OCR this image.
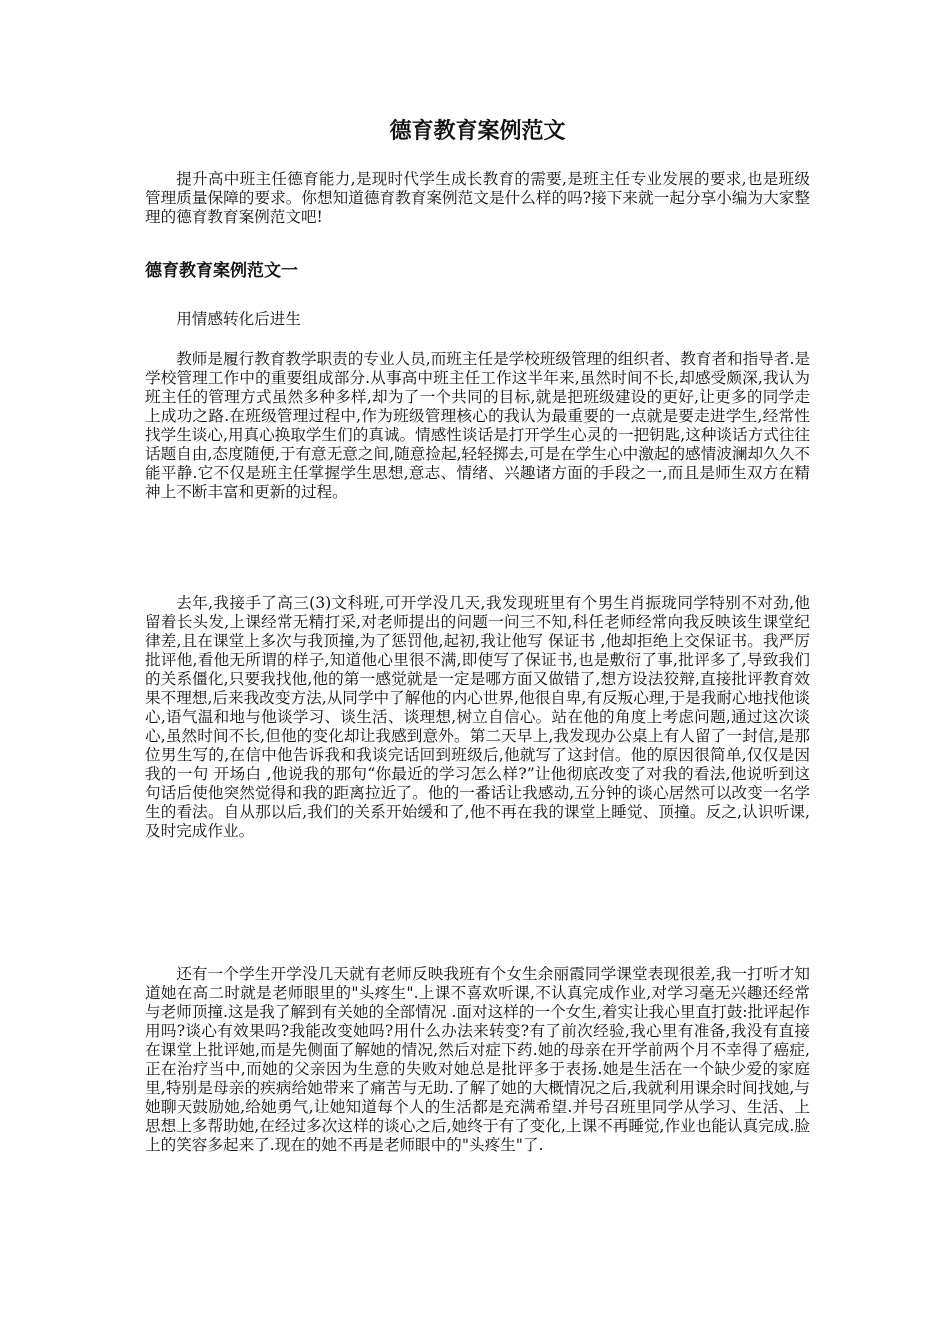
德育教育案例范文

提升高中班主任德育能力,是现时代学生成长教育的需要,是班主任专业发展的要求,也是班级管理质量保障的要求。你想知道德育教育案例范文是什么样的吗?接下来就一起分享小编为大家整理的德育教育案例范文吧!

德育教育案例范文一

用情感转化后进生

教师是履行教育教学职责的专业人员,而班主任是学校班级管理的组织者、教育者和指导者.是学校管理工作中的重要组成部分.从事高中班主任工作这半年来,虽然时间不长,却感受颇深,我认为班主任的管理方式虽然多种多样,却为了一个共同的目标,就是把班级建设的更好,让更多的同学走上成功之路.在班级管理过程中,作为班级管理核心的我认为最重要的一点就是要走进学生,经常性找学生谈心,用真心换取学生们的真诚。情感性谈话是打开学生心灵的一把钥匙,这种谈话方式往往话题自由,态度随便,于有意无意之间,随意捡起,轻轻掷去,可是在学生心中激起的感情波澜却久久不能平静.它不仅是班主任掌握学生思想,意志、情绪、兴趣诸方面的手段之一,而且是师生双方在精神上不断丰富和更新的过程。

去年,我接手了高三(3)文科班,可开学没几天,我发现班里有个男生肖振珑同学特别不对劲,他留着长头发,上课经常无精打采,对老师提出的问题一问三不知,科任老师经常向我反映该生课堂纪律差,且在课堂上多次与我顶撞,为了惩罚他,起初,我让他写 保证书 ,他却拒绝上交保证书。我严厉批评他,看他无所谓的样子,知道他心里很不满,即使写了保证书,也是敷衍了事,批评多了,导致我们的关系僵化,只要我找他,他的第一感觉就是一定是哪方面又做错了,想方设法狡辩,直接批评教育效果不理想,后来我改变方法,从同学中了解他的内心世界,他很自卑,有反叛心理,于是我耐心地找他谈心,语气温和地与他谈学习、谈生活、谈理想,树立自信心。站在他的角度上考虑问题,通过这次谈心,虽然时间不长,但他的变化却让我感到意外。第二天早上,我发现办公桌上有人留了一封信,是那位男生写的,在信中他告诉我和我谈完话回到班级后,他就写了这封信。他的原因很简单,仅仅是因我的一句 开场白 ,他说我的那句“你最近的学习怎么样?”让他彻底改变了对我的看法,他说听到这句话后使他突然觉得和我的距离拉近了。他的一番话让我感动,五分钟的谈心居然可以改变一名学生的看法。自从那以后,我们的关系开始缓和了,他不再在我的课堂上睡觉、顶撞。反之,认识听课,及时完成作业。

还有一个学生开学没几天就有老师反映我班有个女生余丽霞同学课堂表现很差,我一打听才知道她在高二时就是老师眼里的"头疼生".上课不喜欢听课,不认真完成作业,对学习毫无兴趣还经常与老师顶撞.这是我了解到有关她的全部情况 .面对这样的一个女生,着实让我心里直打鼓:批评起作用吗?谈心有效果吗?我能改变她吗?用什么办法来转变?有了前次经验,我心里有准备,我没有直接在课堂上批评她,而是先侧面了解她的情况,然后对症下药.她的母亲在开学前两个月不幸得了癌症,正在治疗当中,而她的父亲因为生意的失败对她总是批评多于表扬.她是生活在一个缺少爱的家庭里,特别是母亲的疾病给她带来了痛苦与无助.了解了她的大概情况之后,我就利用课余时间找她,与她聊天鼓励她,给她勇气,让她知道每个人的生活都是充满希望.并号召班里同学从学习、生活、上思想上多帮助她,在经过多次这样的谈心之后,她终于有了变化,上课不再睡觉,作业也能认真完成.脸上的笑容多起来了.现在的她不再是老师眼中的"头疼生"了.
